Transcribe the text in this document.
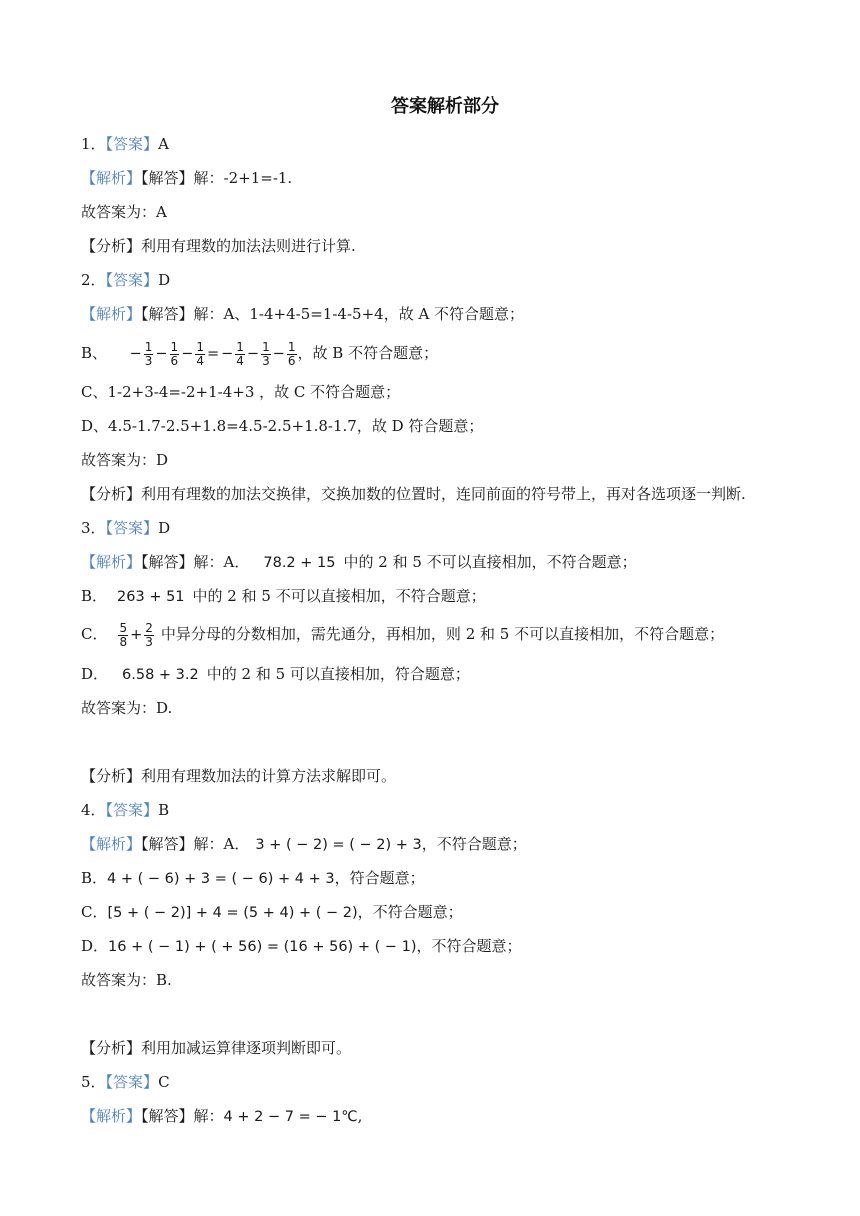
答案解析部分
1．【答案】A
【解析】【解答】解：-2+1=-1.
故答案为：A
【分析】利用有理数的加法法则进行计算.
2．【答案】D
【解析】【解答】解：A、1-4+4-5=1-4-5+4，故 A 不符合题意；
B、 − $\frac{1}{3} - \frac{1}{6} - \frac{1}{4}$ = − $\frac{1}{4} - \frac{1}{3} - \frac{1}{6}$ ，故 B 不符合题意；
C、1-2+3-4=-2+1-4+3 ，故 C 不符合题意；
D、4.5-1.7-2.5+1.8=4.5-2.5+1.8-1.7，故 D 符合题意；
故答案为：D
【分析】利用有理数的加法交换律，交换加数的位置时，连同前面的符号带上，再对各选项逐一判断.
3．【答案】D
【解析】【解答】解：A． 78.2 + 15 中的 2 和 5 不可以直接相加，不符合题意；
B． 263 + 51 中的 2 和 5 不可以直接相加，不符合题意；
C． $\frac{5}{8} + \frac{2}{3}$ 中异分母的分数相加，需先通分，再相加，则 2 和 5 不可以直接相加，不符合题意；
D． 6.58 + 3.2 中的 2 和 5 可以直接相加，符合题意；
故答案为：D.
【分析】利用有理数加法的计算方法求解即可。
4．【答案】B
【解析】【解答】解：A． 3 + ( − 2) = ( − 2) + 3，不符合题意；
B．4 + ( − 6) + 3 = ( − 6) + 4 + 3，符合题意；
C．[5 + ( − 2)] + 4 = (5 + 4) + ( − 2)，不符合题意；
D．16 + ( − 1) + ( + 56) = (16 + 56) + ( − 1)，不符合题意；
故答案为：B.
【分析】利用加减运算律逐项判断即可。
5．【答案】C
【解析】【解答】解：4 + 2 − 7 = − 1℃,
